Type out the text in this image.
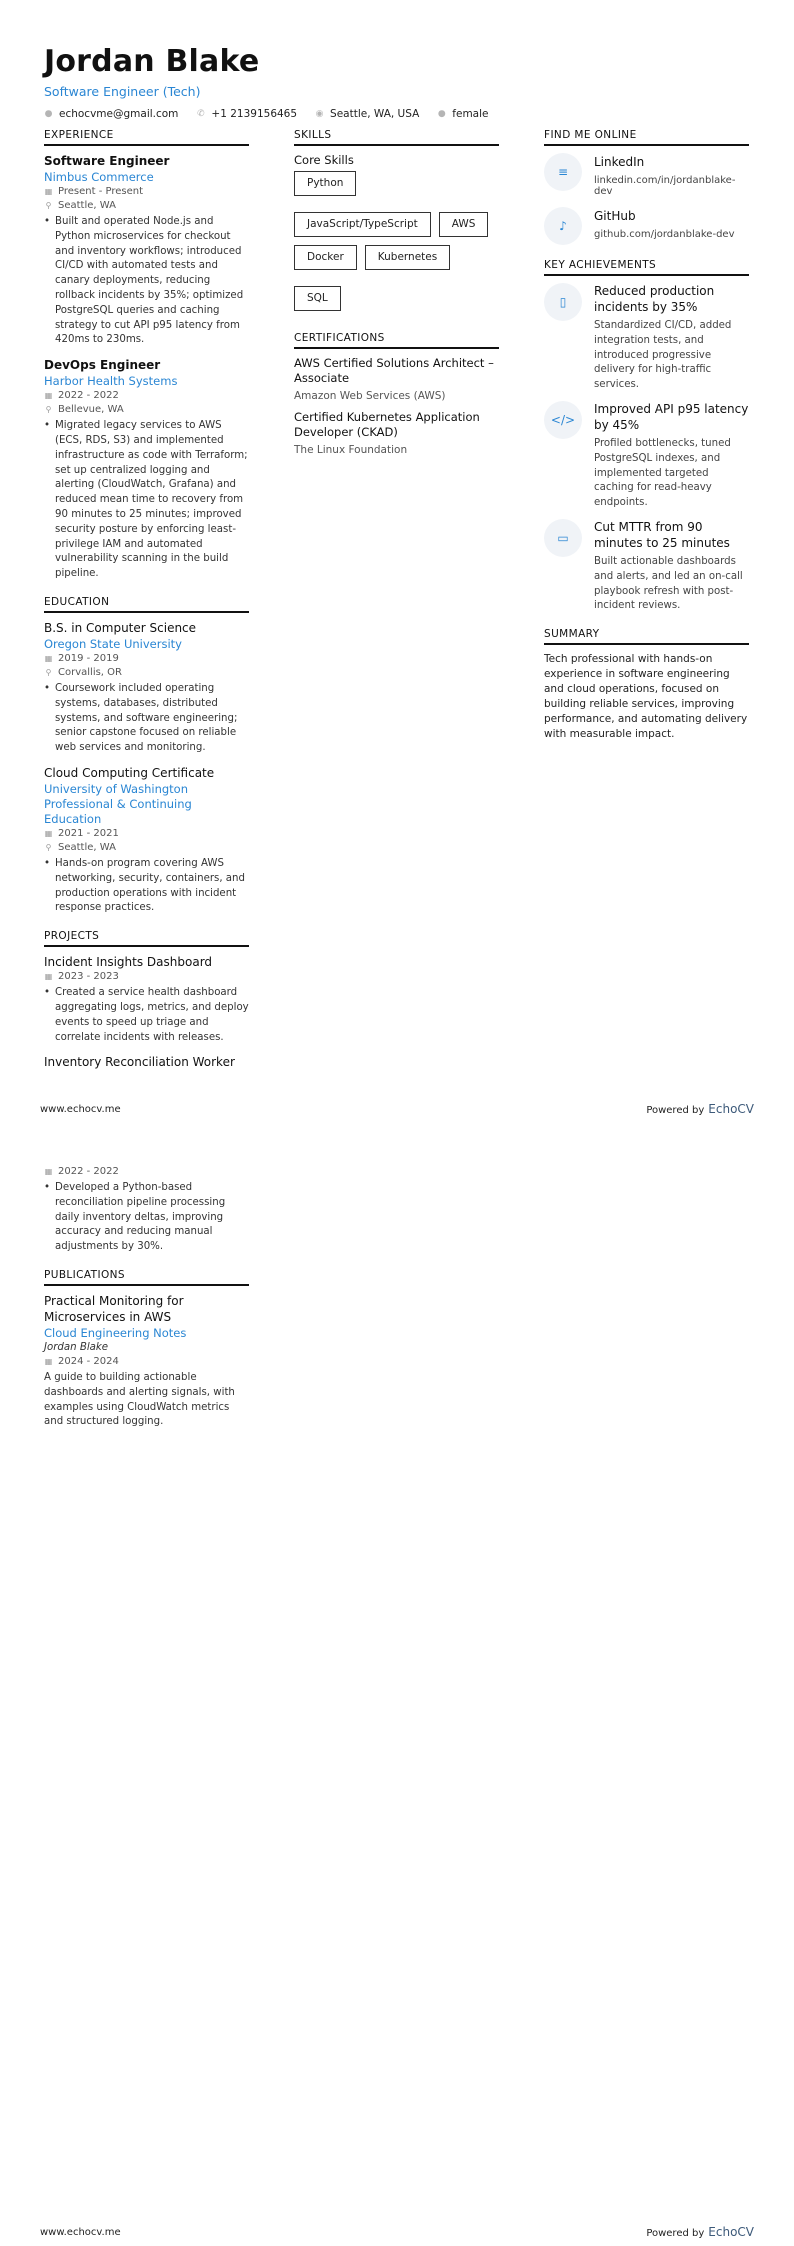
Jordan Blake
Software Engineer (Tech)
● echocvme@gmail.com ✆ +1 2139156465 ◉ Seattle, WA, USA ● female
EXPERIENCE
Software Engineer
Nimbus Commerce
▦ Present - Present
⚲ Seattle, WA
• Built and operated Node.js and Python microservices for checkout and inventory workflows; introduced CI/CD with automated tests and canary deployments, reducing rollback incidents by 35%; optimized PostgreSQL queries and caching strategy to cut API p95 latency from 420ms to 230ms.
DevOps Engineer
Harbor Health Systems
▦ 2022 - 2022
⚲ Bellevue, WA
• Migrated legacy services to AWS (ECS, RDS, S3) and implemented infrastructure as code with Terraform; set up centralized logging and alerting (CloudWatch, Grafana) and reduced mean time to recovery from 90 minutes to 25 minutes; improved security posture by enforcing least-privilege IAM and automated vulnerability scanning in the build pipeline.
EDUCATION
B.S. in Computer Science
Oregon State University
▦ 2019 - 2019
⚲ Corvallis, OR
• Coursework included operating systems, databases, distributed systems, and software engineering; senior capstone focused on reliable web services and monitoring.
Cloud Computing Certificate
University of Washington Professional & Continuing Education
▦ 2021 - 2021
⚲ Seattle, WA
• Hands-on program covering AWS networking, security, containers, and production operations with incident response practices.
PROJECTS
Incident Insights Dashboard
▦ 2023 - 2023
• Created a service health dashboard aggregating logs, metrics, and deploy events to speed up triage and correlate incidents with releases.
Inventory Reconciliation Worker
SKILLS
Core Skills
Python
JavaScript/TypeScript	AWS
Docker	Kubernetes
SQL
CERTIFICATIONS
AWS Certified Solutions Architect – Associate
Amazon Web Services (AWS)
Certified Kubernetes Application Developer (CKAD)
The Linux Foundation
FIND ME ONLINE
≡
LinkedIn
linkedin.com/in/jordanblake-dev
♪
GitHub
github.com/jordanblake-dev
KEY ACHIEVEMENTS
▯
Reduced production incidents by 35%
Standardized CI/CD, added integration tests, and introduced progressive delivery for high-traffic services.
</>
Improved API p95 latency by 45%
Profiled bottlenecks, tuned PostgreSQL indexes, and implemented targeted caching for read-heavy endpoints.
▭
Cut MTTR from 90 minutes to 25 minutes
Built actionable dashboards and alerts, and led an on-call playbook refresh with post-incident reviews.
SUMMARY
Tech professional with hands-on experience in software engineering and cloud operations, focused on building reliable services, improving performance, and automating delivery with measurable impact.
www.echocv.me	Powered by EchoCV
▦ 2022 - 2022
• Developed a Python-based reconciliation pipeline processing daily inventory deltas, improving accuracy and reducing manual adjustments by 30%.
PUBLICATIONS
Practical Monitoring for Microservices in AWS
Cloud Engineering Notes
Jordan Blake
▦ 2024 - 2024
A guide to building actionable dashboards and alerting signals, with examples using CloudWatch metrics and structured logging.
www.echocv.me	Powered by EchoCV
